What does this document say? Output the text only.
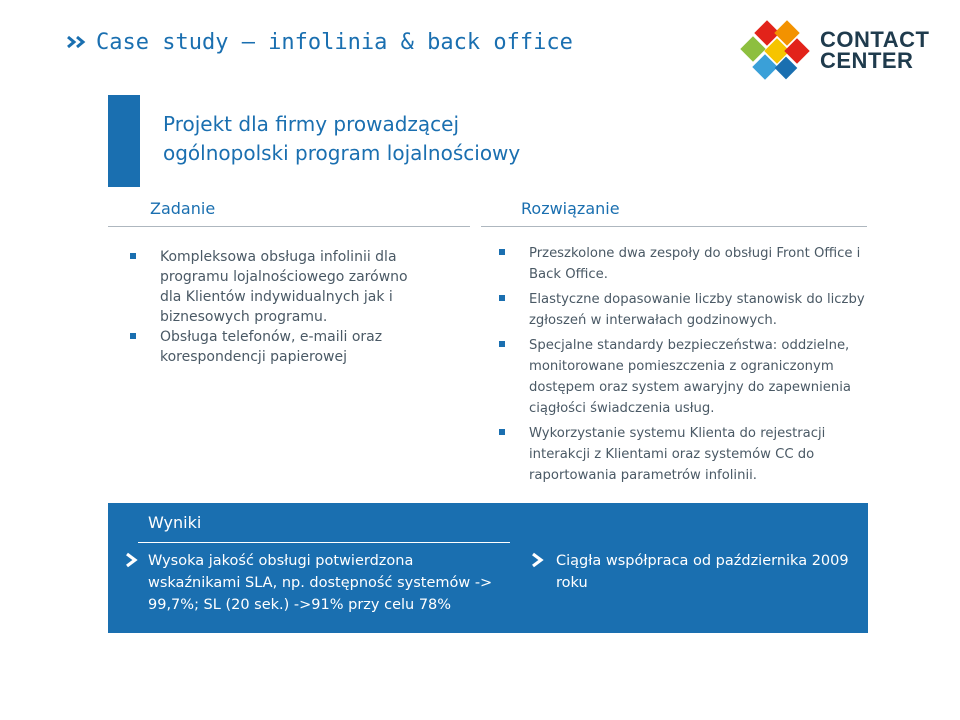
Case study – infolinia & back office	CONTACT
CENTER
Projekt dla firmy prowadzącej
ogólnopolski program lojalnościowy
Zadanie
Kompleksowa obsługa infolinii dla programu lojalnościowego zarówno dla Klientów indywidualnych jak i biznesowych programu.
Obsługa telefonów, e-maili oraz korespondencji papierowej
Rozwiązanie
Przeszkolone dwa zespoły do obsługi Front Office i Back Office.
Elastyczne dopasowanie liczby stanowisk do liczby zgłoszeń w interwałach godzinowych.
Specjalne standardy bezpieczeństwa: oddzielne, monitorowane pomieszczenia z ograniczonym dostępem oraz system awaryjny do zapewnienia ciągłości świadczenia usług.
Wykorzystanie systemu Klienta do rejestracji interakcji z Klientami oraz systemów CC do raportowania parametrów infolinii.
Wyniki
Wysoka jakość obsługi potwierdzona wskaźnikami SLA, np. dostępność systemów -> 99,7%; SL (20 sek.) ->91% przy celu 78%
Ciągła współpraca od października 2009 roku
